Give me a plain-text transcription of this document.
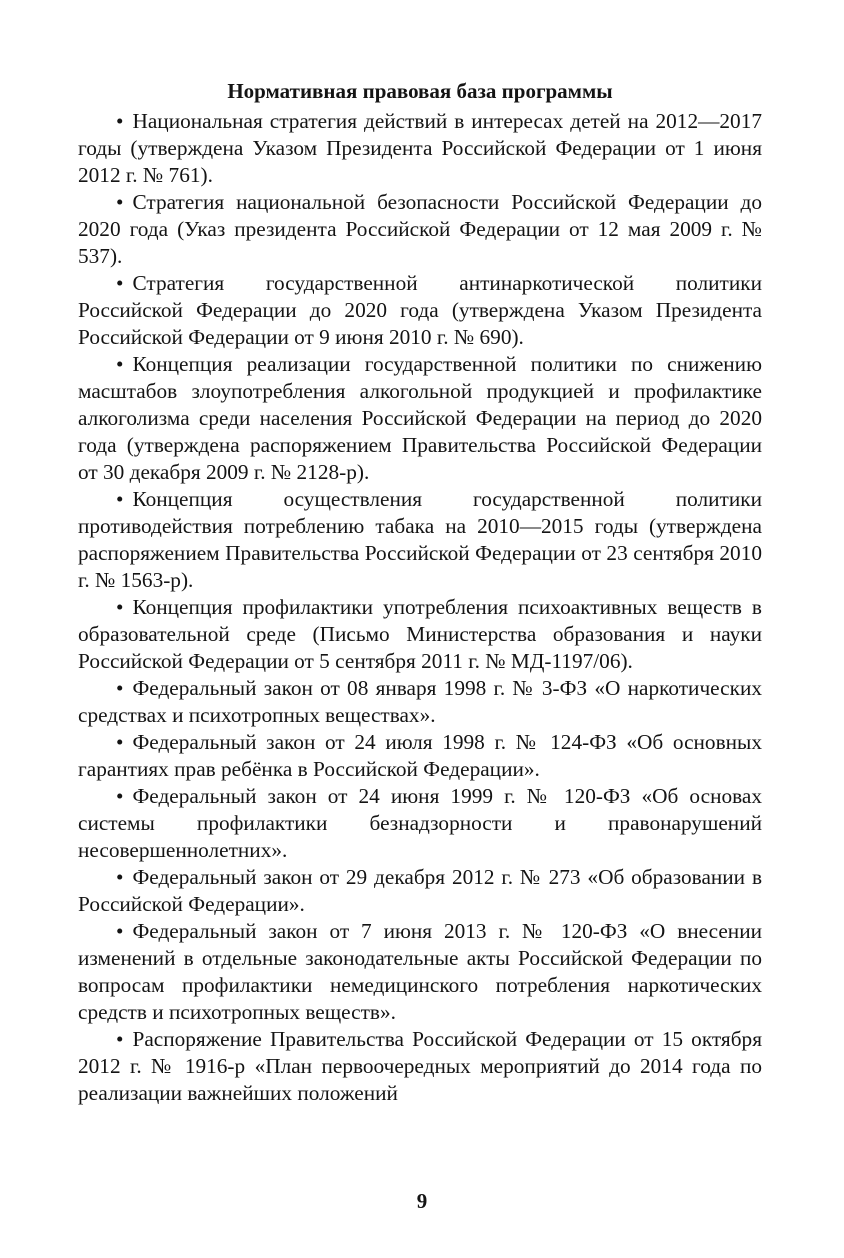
Нормативная правовая база программы

• Национальная стратегия действий в интересах детей на 2012—2017 годы (утверждена Указом Президента Российской Федерации от 1 июня 2012 г. № 761).

• Стратегия национальной безопасности Российской Федерации до 2020 года (Указ президента Российской Федерации от 12 мая 2009 г. № 537).

• Стратегия государственной антинаркотической политики Российской Федерации до 2020 года (утверждена Указом Президента Российской Федерации от 9 июня 2010 г. № 690).

• Концепция реализации государственной политики по снижению масштабов злоупотребления алкогольной продукцией и профилактике алкоголизма среди населения Российской Федерации на период до 2020 года (утверждена распоряжением Правительства Российской Федерации от 30 декабря 2009 г. № 2128-р).

• Концепция осуществления государственной политики противодействия потреблению табака на 2010—2015 годы (утверждена распоряжением Правительства Российской Федерации от 23 сентября 2010 г. № 1563-р).

• Концепция профилактики употребления психоактивных веществ в образовательной среде (Письмо Министерства образования и науки Российской Федерации от 5 сентября 2011 г. № МД-1197/06).

• Федеральный закон от 08 января 1998 г. № 3-ФЗ «О наркотических средствах и психотропных веществах».

• Федеральный закон от 24 июля 1998 г. № 124-ФЗ «Об основных гарантиях прав ребёнка в Российской Федерации».

• Федеральный закон от 24 июня 1999 г. № 120-ФЗ «Об основах системы профилактики безнадзорности и правонарушений несовершеннолетних».

• Федеральный закон от 29 декабря 2012 г. № 273 «Об образовании в Российской Федерации».

• Федеральный закон от 7 июня 2013 г. № 120-ФЗ «О внесении изменений в отдельные законодательные акты Российской Федерации по вопросам профилактики немедицинского потребления наркотических средств и психотропных веществ».

• Распоряжение Правительства Российской Федерации от 15 октября 2012 г. № 1916-р «План первоочередных мероприятий до 2014 года по реализации важнейших положений

9
